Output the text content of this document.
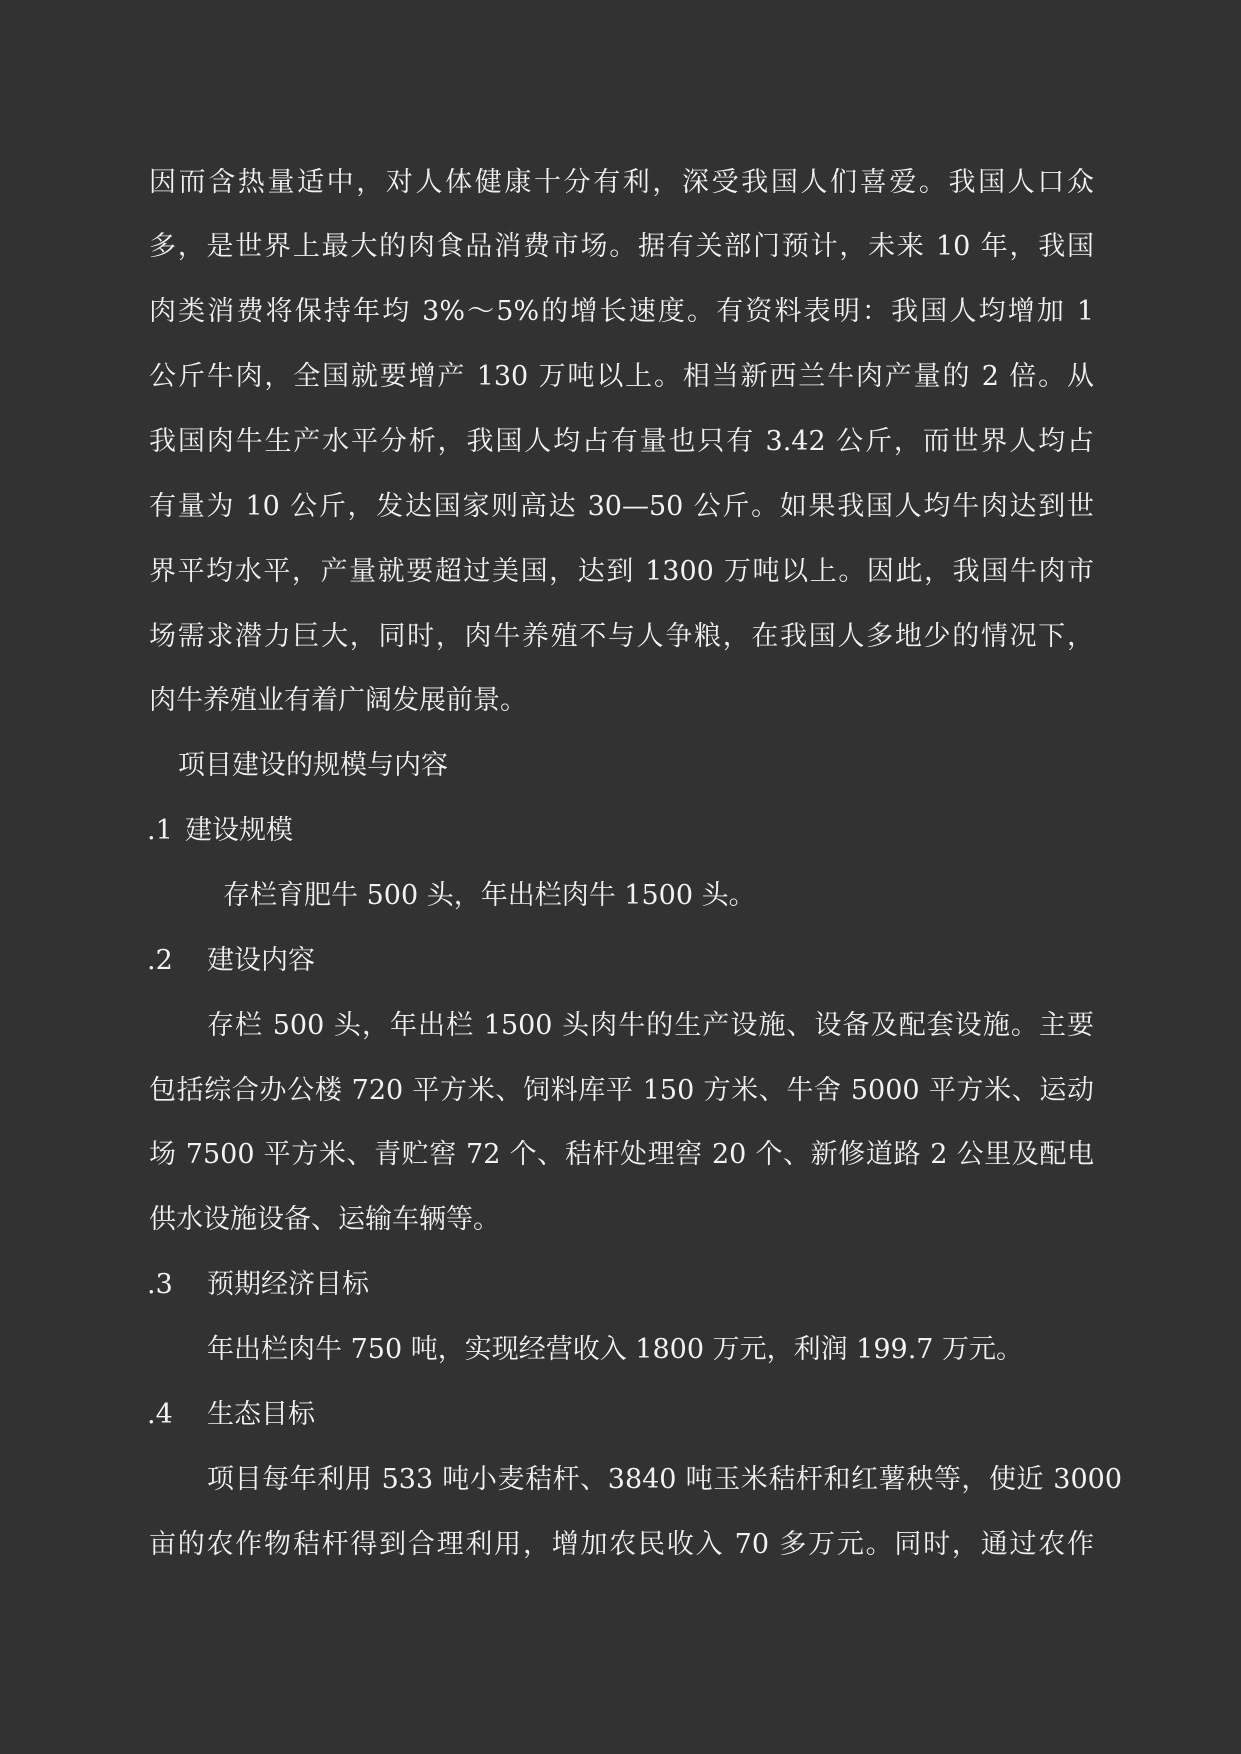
因而含热量适中，对人体健康十分有利，深受我国人们喜爱。我国人口众
多，是世界上最大的肉食品消费市场。据有关部门预计，未来 10 年，我国
肉类消费将保持年均 3%～5%的增长速度。有资料表明：我国人均增加 1
公斤牛肉，全国就要增产 130 万吨以上。相当新西兰牛肉产量的 2 倍。从
我国肉牛生产水平分析，我国人均占有量也只有 3.42 公斤，而世界人均占
有量为 10 公斤，发达国家则高达 30—50 公斤。如果我国人均牛肉达到世
界平均水平，产量就要超过美国，达到 1300 万吨以上。因此，我国牛肉市
场需求潜力巨大，同时，肉牛养殖不与人争粮，在我国人多地少的情况下，
肉牛养殖业有着广阔发展前景。
项目建设的规模与内容
.1 建设规模
存栏育肥牛 500 头，年出栏肉牛 1500 头。
.2 建设内容
存栏 500 头，年出栏 1500 头肉牛的生产设施、设备及配套设施。主要
包括综合办公楼 720 平方米、饲料库平 150 方米、牛舍 5000 平方米、运动
场 7500 平方米、青贮窖 72 个、秸杆处理窖 20 个、新修道路 2 公里及配电
供水设施设备、运输车辆等。
.3 预期经济目标
年出栏肉牛 750 吨，实现经营收入 1800 万元，利润 199.7 万元。
.4 生态目标
项目每年利用 533 吨小麦秸杆、3840 吨玉米秸杆和红薯秧等，使近 3000
亩的农作物秸杆得到合理利用，增加农民收入 70 多万元。同时，通过农作
